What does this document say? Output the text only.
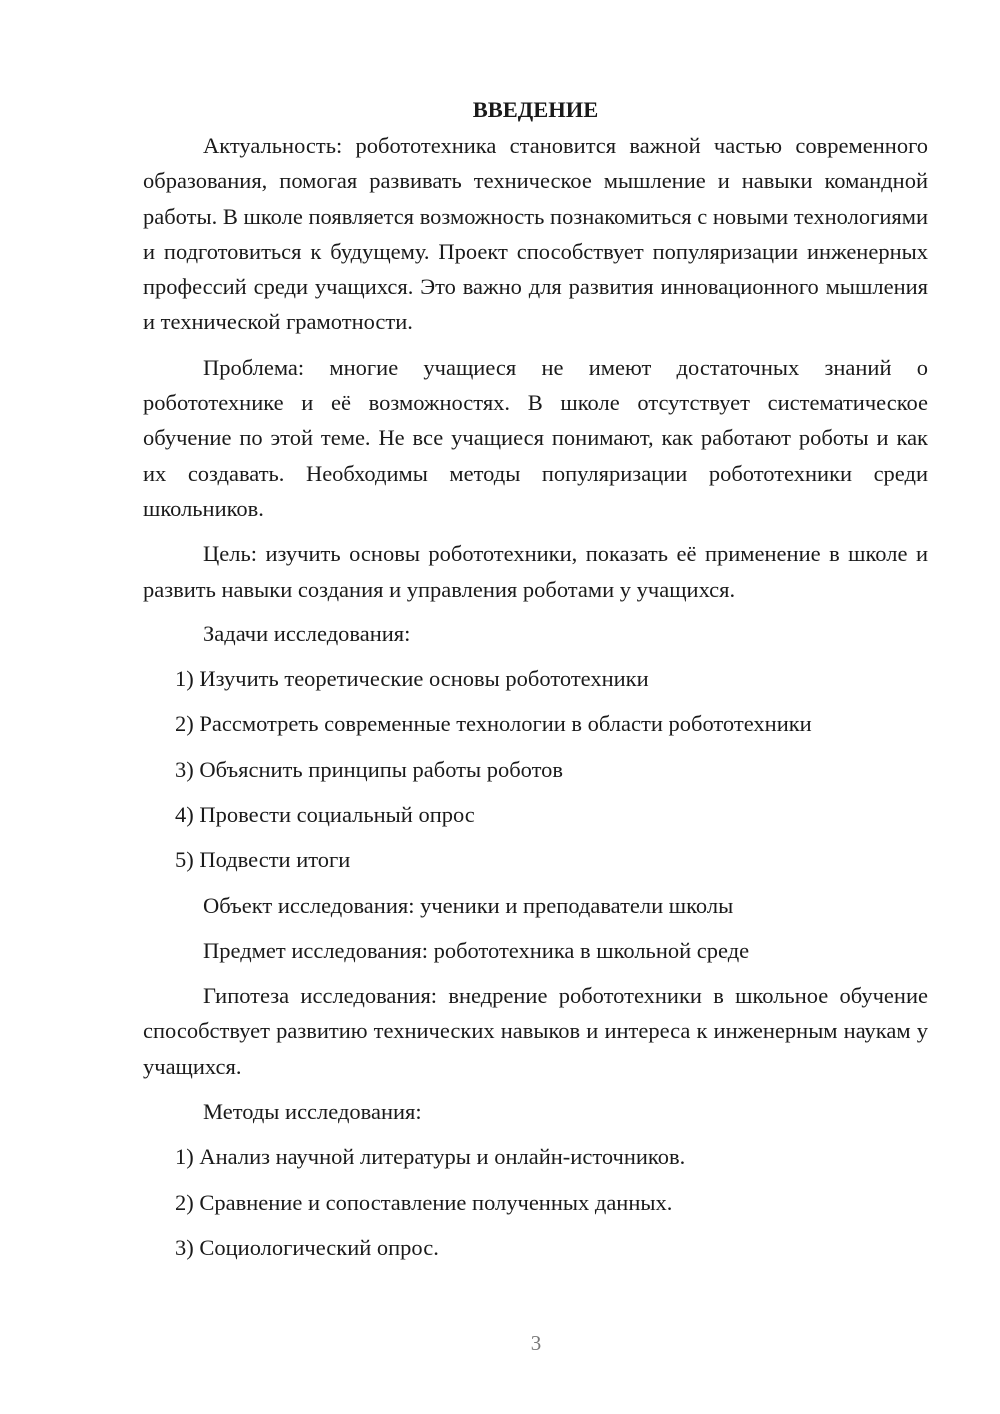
ВВЕДЕНИЕ

Актуальность: робототехника становится важной частью современного образования, помогая развивать техническое мышление и навыки командной работы. В школе появляется возможность познакомиться с новыми технологиями и подготовиться к будущему. Проект способствует популяризации инженерных профессий среди учащихся. Это важно для развития инновационного мышления и технической грамотности.

Проблема: многие учащиеся не имеют достаточных знаний о робототехнике и её возможностях. В школе отсутствует систематическое обучение по этой теме. Не все учащиеся понимают, как работают роботы и как их создавать. Необходимы методы популяризации робототехники среди школьников.

Цель: изучить основы робототехники, показать её применение в школе и развить навыки создания и управления роботами у учащихся.

Задачи исследования:
1) Изучить теоретические основы робототехники
2) Рассмотреть современные технологии в области робототехники
3) Объяснить принципы работы роботов
4) Провести социальный опрос
5) Подвести итоги
Объект исследования: ученики и преподаватели школы
Предмет исследования: робототехника в школьной среде

Гипотеза исследования: внедрение робототехники в школьное обучение способствует развитию технических навыков и интереса к инженерным наукам у учащихся.

Методы исследования:
1) Анализ научной литературы и онлайн-источников.
2) Сравнение и сопоставление полученных данных.
3) Социологический опрос.
3
